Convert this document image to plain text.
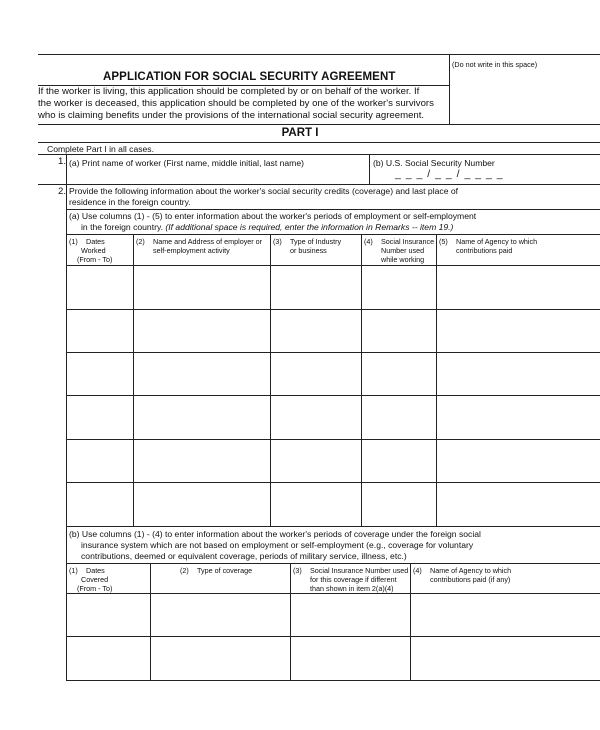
(Do not write in this space)
APPLICATION FOR SOCIAL SECURITY AGREEMENT
If the worker is living, this application should be completed by or on behalf of the worker. If
the worker is deceased, this application should be completed by one of the worker's survivors
who is claiming benefits under the provisions of the international social security agreement.
PART I
Complete Part I in all cases.
1. (a) Print name of worker (First name, middle initial, last name)	(b) U.S. Social Security Number
_ _ _ / _ _ / _ _ _ _
2. Provide the following information about the worker's social security credits (coverage) and last place of
residence in the foreign country.
(a) Use columns (1) - (5) to enter information about the worker's periods of employment or self-employment
in the foreign country. (If additional space is required, enter the information in Remarks -- item 19.)
(1) Dates
Worked
(From - To)
(2) Name and Address of employer or
self-employment activity
(3) Type of Industry
or business
(4) Social Insurance
Number used
while working
(5) Name of Agency to which
contributions paid
(b) Use columns (1) - (4) to enter information about the worker's periods of coverage under the foreign social
insurance system which are not based on employment or self-employment (e.g., coverage for voluntary
contributions, deemed or equivalent coverage, periods of military service, illness, etc.)
(1) Dates
Covered
(From - To)
(2) Type of coverage	(3) Social Insurance Number used
for this coverage if different
than shown in item 2(a)(4)
(4) Name of Agency to which
contributions paid (if any)
